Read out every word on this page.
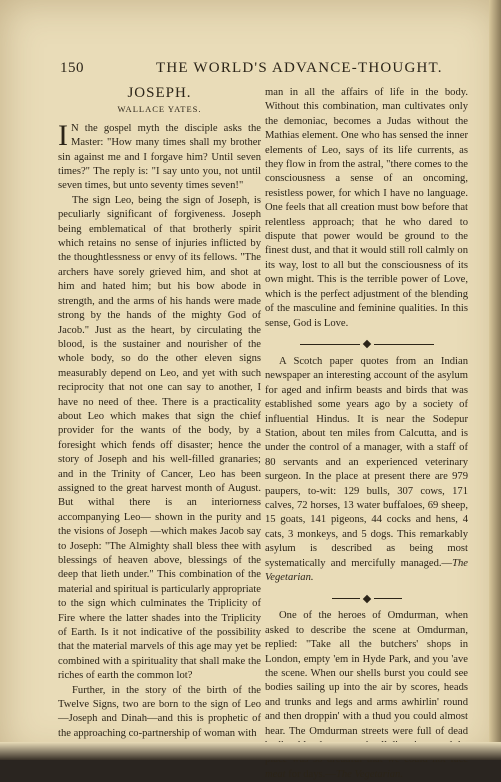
150	THE WORLD'S ADVANCE-THOUGHT.
JOSEPH.
WALLACE YATES.

I N the gospel myth the disciple asks the Master: "How many times shall my brother sin against me and I forgave him? Until seven times?" The reply is: "I say unto you, not until seven times, but unto seventy times seven!"

The sign Leo, being the sign of Joseph, is peculiarly significant of forgiveness. Joseph being emblematical of that brotherly spirit which retains no sense of injuries inflicted by the thoughtlessness or envy of its fellows. "The archers have sorely grieved him, and shot at him and hated him; but his bow abode in strength, and the arms of his hands were made strong by the hands of the mighty God of Jacob." Just as the heart, by circulating the blood, is the sustainer and nourisher of the whole body, so do the other eleven signs measurably depend on Leo, and yet with such reciprocity that not one can say to another, I have no need of thee. There is a practicality about Leo which makes that sign the chief provider for the wants of the body, by a foresight which fends off disaster; hence the story of Joseph and his well-filled granaries; and in the Trinity of Cancer, Leo has been assigned to the great harvest month of August. But withal there is an interiorness accompanying Leo— shown in the purity and the visions of Joseph —which makes Jacob say to Joseph: "The Almighty shall bless thee with blessings of heaven above, blessings of the deep that lieth under." This combination of the material and spiritual is particularly appropriate to the sign which culminates the Triplicity of Fire where the latter shades into the Triplicity of Earth. Is it not indicative of the possibility that the material marvels of this age may yet be combined with a spirituality that shall make the riches of earth the common lot?

Further, in the story of the birth of the Twelve Signs, two are born to the sign of Leo —Joseph and Dinah—and this is prophetic of the approaching co-partnership of woman with

man in all the affairs of life in the body. Without this combination, man cultivates only the demoniac, becomes a Judas without the Mathias element. One who has sensed the inner elements of Leo, says of its life currents, as they flow in from the astral, "there comes to the consciousness a sense of an oncoming, resistless power, for which I have no language. One feels that all creation must bow before that relentless approach; that he who dared to dispute that power would be ground to the finest dust, and that it would still roll calmly on its way, lost to all but the consciousness of its own might. This is the terrible power of Love, which is the perfect adjustment of the blending of the masculine and feminine qualities. In this sense, God is Love.

A Scotch paper quotes from an Indian newspaper an interesting account of the asylum for aged and infirm beasts and birds that was established some years ago by a society of influential Hindus. It is near the Sodepur Station, about ten miles from Calcutta, and is under the control of a manager, with a staff of 80 servants and an experienced veterinary surgeon. In the place at present there are 979 paupers, to-wit: 129 bulls, 307 cows, 171 calves, 72 horses, 13 water buffaloes, 69 sheep, 15 goats, 141 pigeons, 44 cocks and hens, 4 cats, 3 monkeys, and 5 dogs. This remarkably asylum is described as being most systematically and mercifully managed.—The Vegetarian.

One of the heroes of Omdurman, when asked to describe the scene at Omdurman, replied: "Take all the butchers' shops in London, empty 'em in Hyde Park, and you 'ave the scene. When our shells burst you could see bodies sailing up into the air by scores, heads and trunks and legs and arms awhirlin' round and then droppin' with a thud you could almost hear. The Omdurman streets were full of dead meat for days.—The Vegetarian.
